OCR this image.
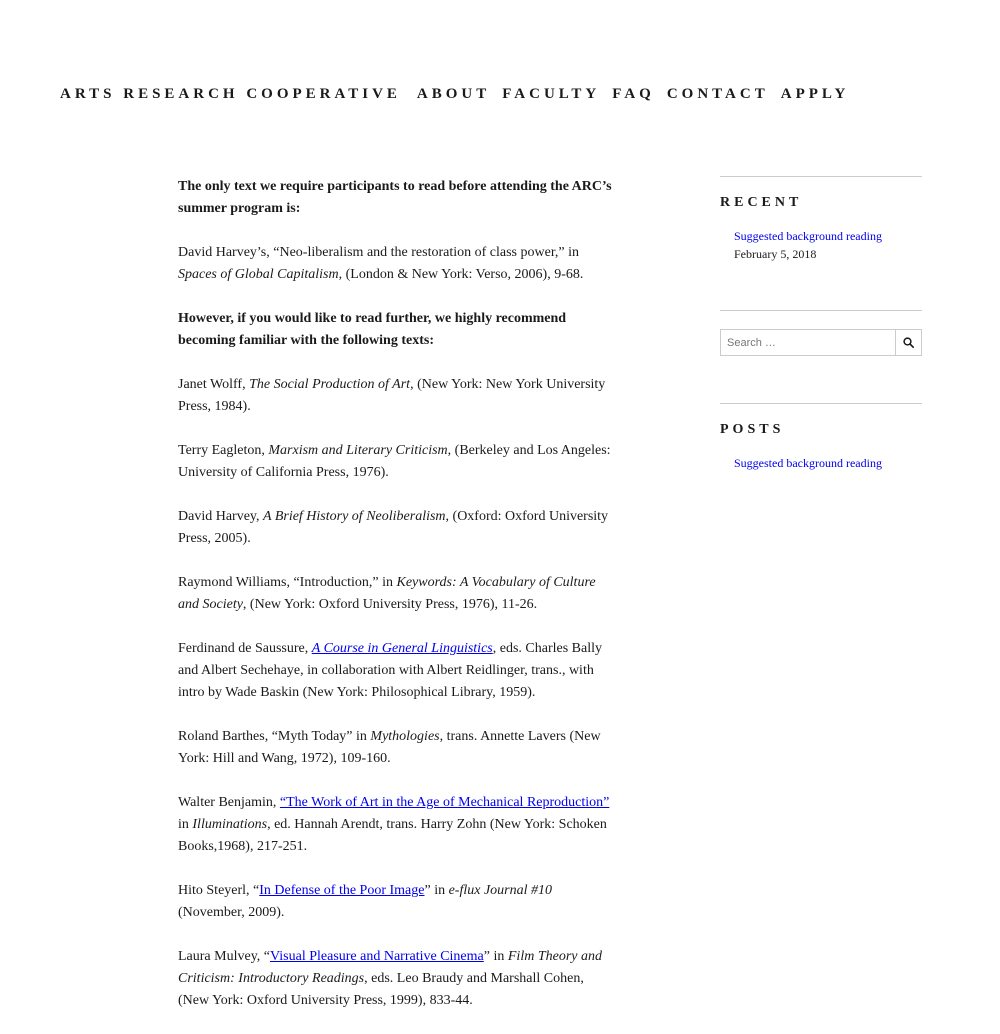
ARTS RESEARCH COOPERATIVE ABOUT FACULTY FAQ CONTACT APPLY

The only text we require participants to read before attending the ARC’s summer program is:

David Harvey’s, “Neo-liberalism and the restoration of class power,” in Spaces of Global Capitalism, (London & New York: Verso, 2006), 9-68.

However, if you would like to read further, we highly recommend becoming familiar with the following texts:

Janet Wolff, The Social Production of Art, (New York: New York University Press, 1984).

Terry Eagleton, Marxism and Literary Criticism, (Berkeley and Los Angeles: University of California Press, 1976).

David Harvey, A Brief History of Neoliberalism, (Oxford: Oxford University Press, 2005).

Raymond Williams, “Introduction,” in Keywords: A Vocabulary of Culture and Society, (New York: Oxford University Press, 1976), 11-26.

Ferdinand de Saussure, A Course in General Linguistics, eds. Charles Bally and Albert Sechehaye, in collaboration with Albert Reidlinger, trans., with intro by Wade Baskin (New York: Philosophical Library, 1959).

Roland Barthes, “Myth Today” in Mythologies, trans. Annette Lavers (New York: Hill and Wang, 1972), 109-160.

Walter Benjamin, “The Work of Art in the Age of Mechanical Reproduction” in Illuminations, ed. Hannah Arendt, trans. Harry Zohn (New York: Schoken Books,1968), 217-251.

Hito Steyerl, “In Defense of the Poor Image” in e-flux Journal #10 (November, 2009).

Laura Mulvey, “Visual Pleasure and Narrative Cinema” in Film Theory and Criticism: Introductory Readings, eds. Leo Braudy and Marshall Cohen, (New York: Oxford University Press, 1999), 833-44.

RECENT
Suggested background reading
February 5, 2018
Search …
POSTS
Suggested background reading
